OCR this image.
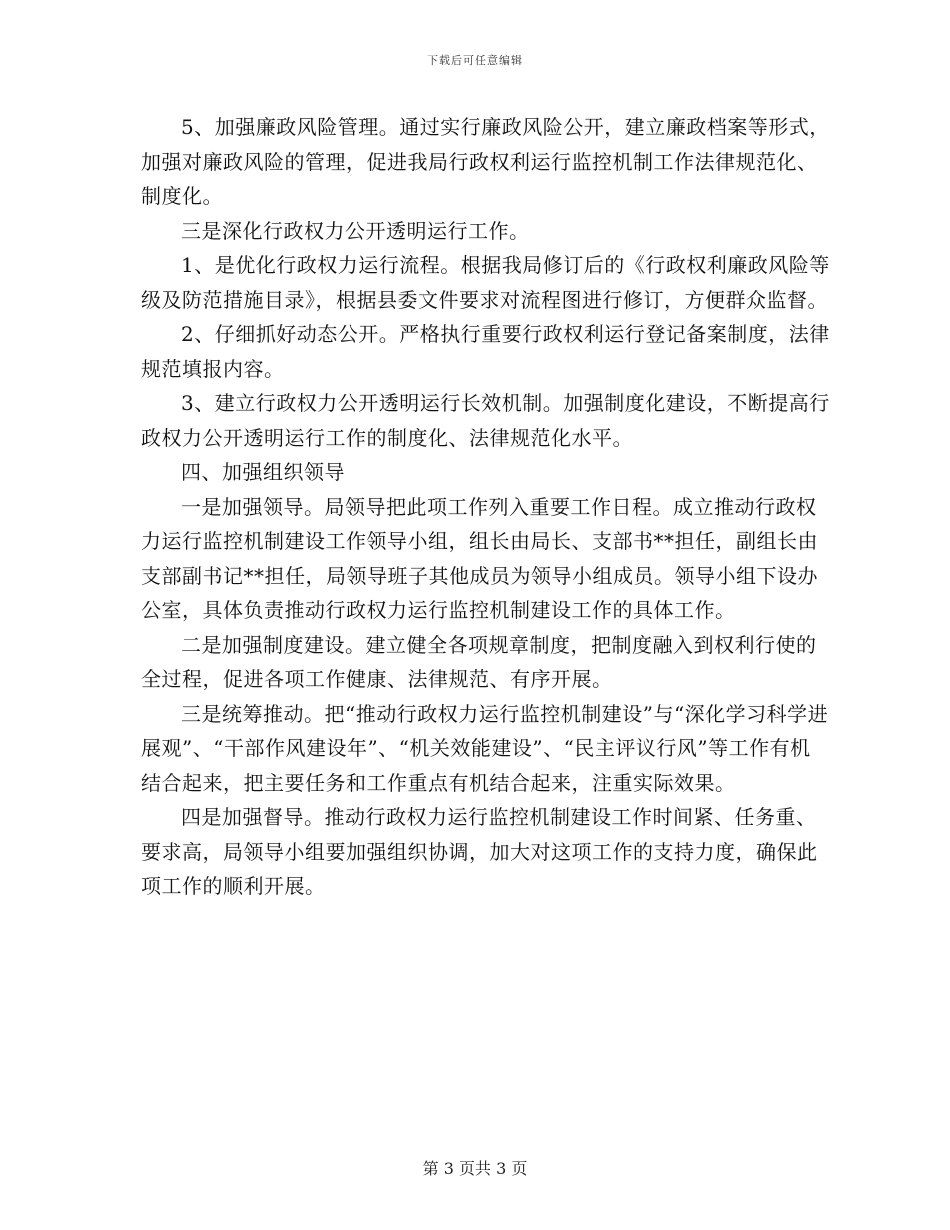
下载后可任意编辑

5、加强廉政风险管理。通过实行廉政风险公开，建立廉政档案等形式，加强对廉政风险的管理，促进我局行政权利运行监控机制工作法律规范化、制度化。

三是深化行政权力公开透明运行工作。

1、是优化行政权力运行流程。根据我局修订后的《行政权利廉政风险等级及防范措施目录》，根据县委文件要求对流程图进行修订，方便群众监督。

2、仔细抓好动态公开。严格执行重要行政权利运行登记备案制度，法律规范填报内容。

3、建立行政权力公开透明运行长效机制。加强制度化建设，不断提高行政权力公开透明运行工作的制度化、法律规范化水平。

四、加强组织领导

一是加强领导。局领导把此项工作列入重要工作日程。成立推动行政权力运行监控机制建设工作领导小组，组长由局长、支部书**担任，副组长由支部副书记**担任，局领导班子其他成员为领导小组成员。领导小组下设办公室，具体负责推动行政权力运行监控机制建设工作的具体工作。

二是加强制度建设。建立健全各项规章制度，把制度融入到权利行使的全过程，促进各项工作健康、法律规范、有序开展。

三是统筹推动。把“推动行政权力运行监控机制建设”与“深化学习科学进展观”、“干部作风建设年”、“机关效能建设”、“民主评议行风”等工作有机结合起来，把主要任务和工作重点有机结合起来，注重实际效果。

四是加强督导。推动行政权力运行监控机制建设工作时间紧、任务重、要求高，局领导小组要加强组织协调，加大对这项工作的支持力度，确保此项工作的顺利开展。

第 3 页共 3 页
